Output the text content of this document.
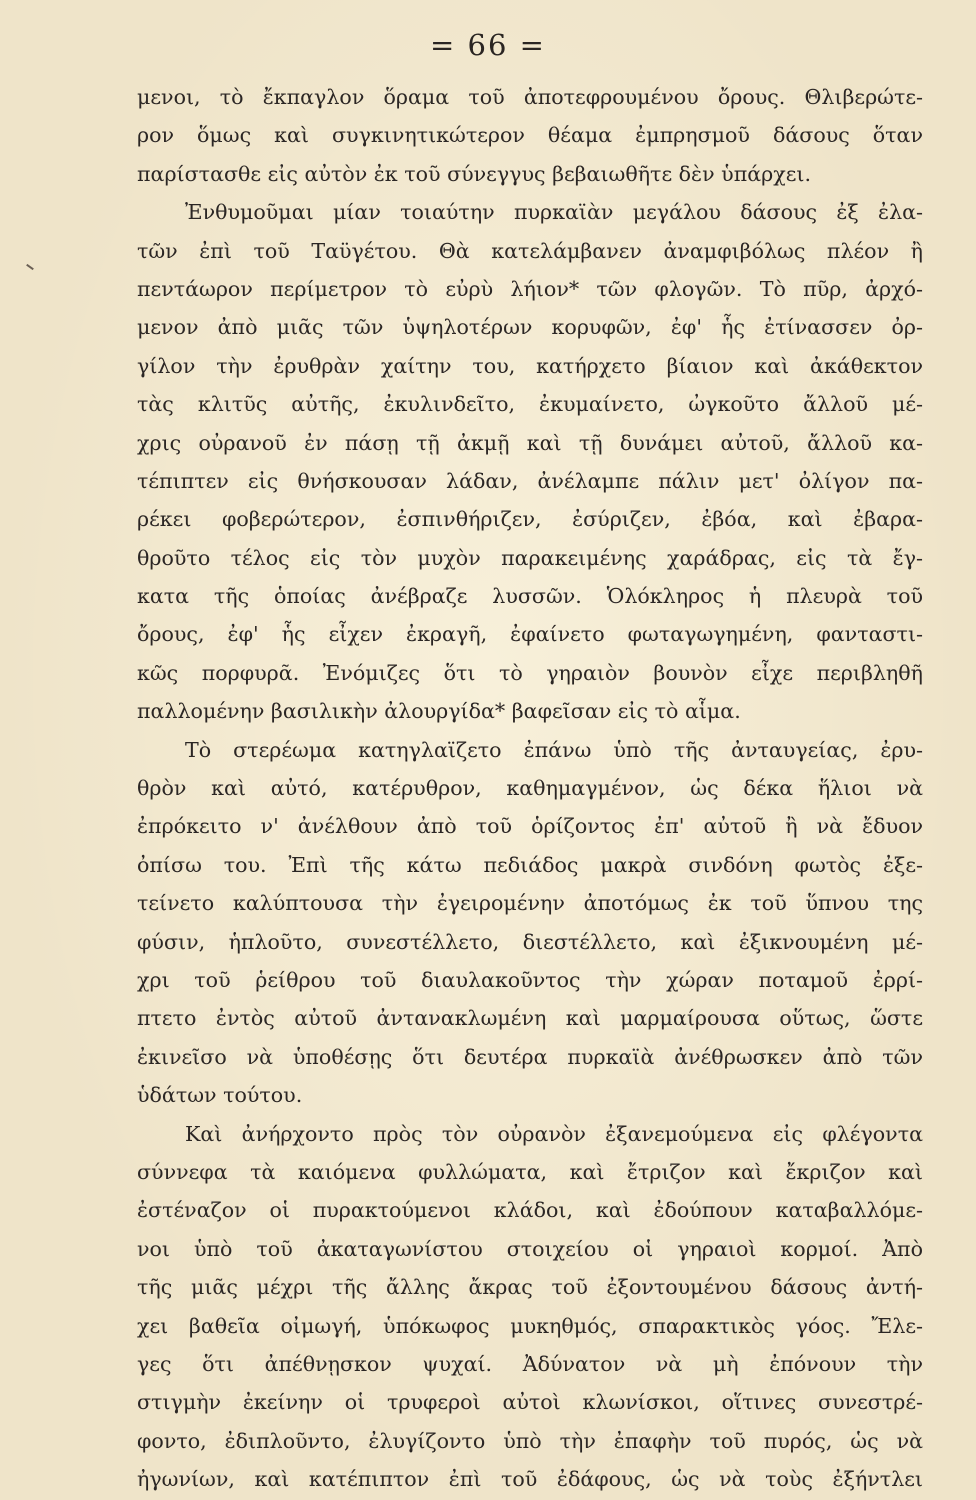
= 66 =
μενοι, τὸ ἔκπαγλον ὅραμα τοῦ ἀποτεφρουμένου ὄρους. Θλιβερώτε-
ρον ὅμως καὶ συγκινητικώτερον θέαμα ἐμπρησμοῦ δάσους ὅταν
παρίστασθε εἰς αὐτὸν ἐκ τοῦ σύνεγγυς βεβαιωθῆτε δὲν ὑπάρχει.
Ἐνθυμοῦμαι μίαν τοιαύτην πυρκαϊὰν μεγάλου δάσους ἐξ ἐλα-
τῶν ἐπὶ τοῦ Ταϋγέτου. Θὰ κατελάμβανεν ἀναμφιβόλως πλέον ἢ
πεντάωρον περίμετρον τὸ εὐρὺ λήιον* τῶν φλογῶν. Τὸ πῦρ, ἀρχό-
μενον ἀπὸ μιᾶς τῶν ὑψηλοτέρων κορυφῶν, ἐφ' ἧς ἐτίνασσεν ὀρ-
γίλον τὴν ἐρυθρὰν χαίτην του, κατήρχετο βίαιον καὶ ἀκάθεκτον
τὰς κλιτῦς αὐτῆς, ἐκυλινδεῖτο, ἐκυμαίνετο, ὠγκοῦτο ἄλλοῦ μέ-
χρις οὐρανοῦ ἐν πάσῃ τῇ ἀκμῇ καὶ τῇ δυνάμει αὐτοῦ, ἄλλοῦ κα-
τέπιπτεν εἰς θνήσκουσαν λάδαν, ἀνέλαμπε πάλιν μετ' ὀλίγον πα-
ρέκει φοβερώτερον, ἐσπινθήριζεν, ἐσύριζεν, ἐβόα, καὶ ἐβαρα-
θροῦτο τέλος εἰς τὸν μυχὸν παρακειμένης χαράδρας, εἰς τὰ ἔγ-
κατα τῆς ὁποίας ἀνέβραζε λυσσῶν. Ὁλόκληρος ἡ πλευρὰ τοῦ
ὄρους, ἐφ' ἧς εἶχεν ἐκραγῆ, ἐφαίνετο φωταγωγημένη, φανταστι-
κῶς πορφυρᾶ. Ἐνόμιζες ὅτι τὸ γηραιὸν βουνὸν εἶχε περιβληθῆ
παλλομένην βασιλικὴν ἀλουργίδα* βαφεῖσαν εἰς τὸ αἷμα.
Τὸ στερέωμα κατηγλαϊζετο ἐπάνω ὑπὸ τῆς ἀνταυγείας, ἐρυ-
θρὸν καὶ αὐτό, κατέρυθρον, καθημαγμένον, ὡς δέκα ἥλιοι νὰ
ἐπρόκειτο ν' ἀνέλθουν ἀπὸ τοῦ ὁρίζοντος ἐπ' αὐτοῦ ἢ νὰ ἔδυον
ὀπίσω του. Ἐπὶ τῆς κάτω πεδιάδος μακρὰ σινδόνη φωτὸς ἐξε-
τείνετο καλύπτουσα τὴν ἐγειρομένην ἀποτόμως ἐκ τοῦ ὕπνου της
φύσιν, ἡπλοῦτο, συνεστέλλετο, διεστέλλετο, καὶ ἐξικνουμένη μέ-
χρι τοῦ ῥείθρου τοῦ διαυλακοῦντος τὴν χώραν ποταμοῦ ἐρρί-
πτετο ἐντὸς αὐτοῦ ἀντανακλωμένη καὶ μαρμαίρουσα οὕτως, ὥστε
ἐκινεῖσο νὰ ὑποθέσῃς ὅτι δευτέρα πυρκαϊὰ ἀνέθρωσκεν ἀπὸ τῶν
ὑδάτων τούτου.
Καὶ ἀνήρχοντο πρὸς τὸν οὐρανὸν ἐξανεμούμενα εἰς φλέγοντα
σύννεφα τὰ καιόμενα φυλλώματα, καὶ ἔτριζον καὶ ἔκριζον καὶ
ἐστέναζον οἱ πυρακτούμενοι κλάδοι, καὶ ἐδούπουν καταβαλλόμε-
νοι ὑπὸ τοῦ ἀκαταγωνίστου στοιχείου οἱ γηραιοὶ κορμοί. Ἀπὸ
τῆς μιᾶς μέχρι τῆς ἄλλης ἄκρας τοῦ ἐξοντουμένου δάσους ἀντή-
χει βαθεῖα οἰμωγή, ὑπόκωφος μυκηθμός, σπαρακτικὸς γόος. Ἔλε-
γες ὅτι ἀπέθνῃσκον ψυχαί. Ἀδύνατον νὰ μὴ ἐπόνουν τὴν
στιγμὴν ἐκείνην οἱ τρυφεροὶ αὐτοὶ κλωνίσκοι, οἵτινες συνεστρέ-
φοντο, ἐδιπλοῦντο, ἐλυγίζοντο ὑπὸ τὴν ἐπαφὴν τοῦ πυρός, ὡς νὰ
ἠγωνίων, καὶ κατέπιπτον ἐπὶ τοῦ ἐδάφους, ὡς νὰ τοὺς ἐξήντλει
